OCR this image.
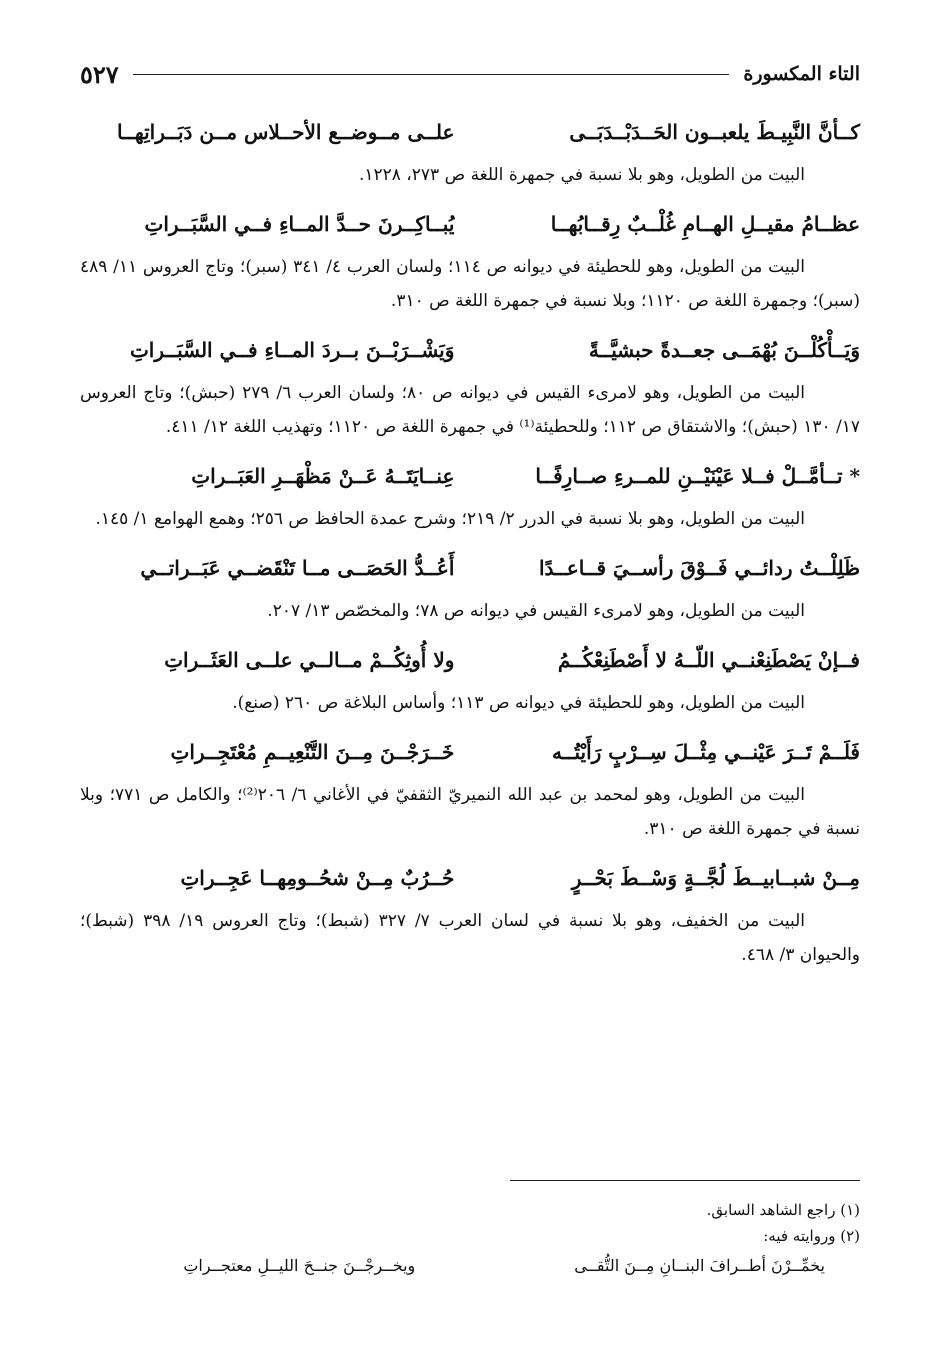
التاء المكسورة
٥٢٧
كــأنَّ النَّبِيـطَ يلعبــون الحَــدَبْــدَبَــى
علــى مــوضــع الأحــلاس مــن دَبَــراتِهــا

البيت من الطويل، وهو بلا نسبة في جمهرة اللغة ص ٢٧٣، ١٢٢٨.

عظــامُ مقيــلِ الهــامِ غُلْــبٌ رِقــابُهــا
يُبــاكِــرنَ حــدَّ المــاءِ فــي السَّبَــراتِ

البيت من الطويل، وهو للحطيئة في ديوانه ص ١١٤؛ ولسان العرب ٤/ ٣٤١ (سبر)؛ وتاج العروس ١١/ ٤٨٩ (سبر)؛ وجمهرة اللغة ص ١١٢٠؛ وبلا نسبة في جمهرة اللغة ص ٣١٠.

وَيَــأْكُلْــنَ بُهْمَــى جعــدةً حبشيَّــةً
وَيَشْــرَبْــنَ بــردَ المــاءِ فــي السَّبَــراتِ

البيت من الطويل، وهو لامرىء القيس في ديوانه ص ٨٠؛ ولسان العرب ٦/ ٢٧٩ (حبش)؛ وتاج العروس ١٧/ ١٣٠ (حبش)؛ والاشتقاق ص ١١٢؛ وللحطيئة⁽¹⁾ في جمهرة اللغة ص ١١٢٠؛ وتهذيب اللغة ١٢/ ٤١١.

* تــأمَّــلْ فــلا عَيْنَيْــنِ للمــرءِ صــارِفًــا
عِنــايَتَــهُ عَــنْ مَظْهَــرِ العَبَــراتِ

البيت من الطويل، وهو بلا نسبة في الدرر ٢/ ٢١٩؛ وشرح عمدة الحافظ ص ٢٥٦؛ وهمع الهوامع ١/ ١٤٥.

ظَلِلْــتُ ردائــي فَــوْقَ رأســيَ قــاعــدًا
أَعُــدُّ الحَصَــى مــا تَنْقَضــي عَبَــراتــي

البيت من الطويل، وهو لامرىء القيس في ديوانه ص ٧٨؛ والمخصّص ١٣/ ٢٠٧.

فــإنْ يَصْطَنِعْنــي اللّــهُ لا أَصْطَنِعْكُــمُ
ولا أُوثِكُــمْ مــالــي علــى العَثَــراتِ

البيت من الطويل، وهو للحطيئة في ديوانه ص ١١٣؛ وأساس البلاغة ص ٢٦٠ (صنع).

فَلَــمْ تَــرَ عَيْنــي مِثْــلَ سِــرْبٍ رَأَيْتُــه
خَــرَجْــنَ مِــنَ التَّنْعِيــمِ مُعْتَجِــراتِ

البيت من الطويل، وهو لمحمد بن عبد الله النميريّ الثقفيّ في الأغاني ٦/ ٢٠٦⁽²⁾؛ والكامل ص ٧٧١؛ وبلا نسبة في جمهرة اللغة ص ٣١٠.

مِــنْ شبــابيــطَ لُجَّــةٍ وَسْــطَ بَحْــرٍ
حُــرُبٌ مِــنْ شحُــومِهــا عَجِــراتِ

البيت من الخفيف، وهو بلا نسبة في لسان العرب ٧/ ٣٢٧ (شبط)؛ وتاج العروس ١٩/ ٣٩٨ (شبط)؛ والحيوان ٣/ ٤٦٨.

(١) راجع الشاهد السابق.
(٢) وروايته فيه:
يخمِّــرْنَ أطــرافَ البنــانِ مِــنَ التُّقــى
ويخــرجْــنَ جنــحَ الليــلِ معتجــراتِ
